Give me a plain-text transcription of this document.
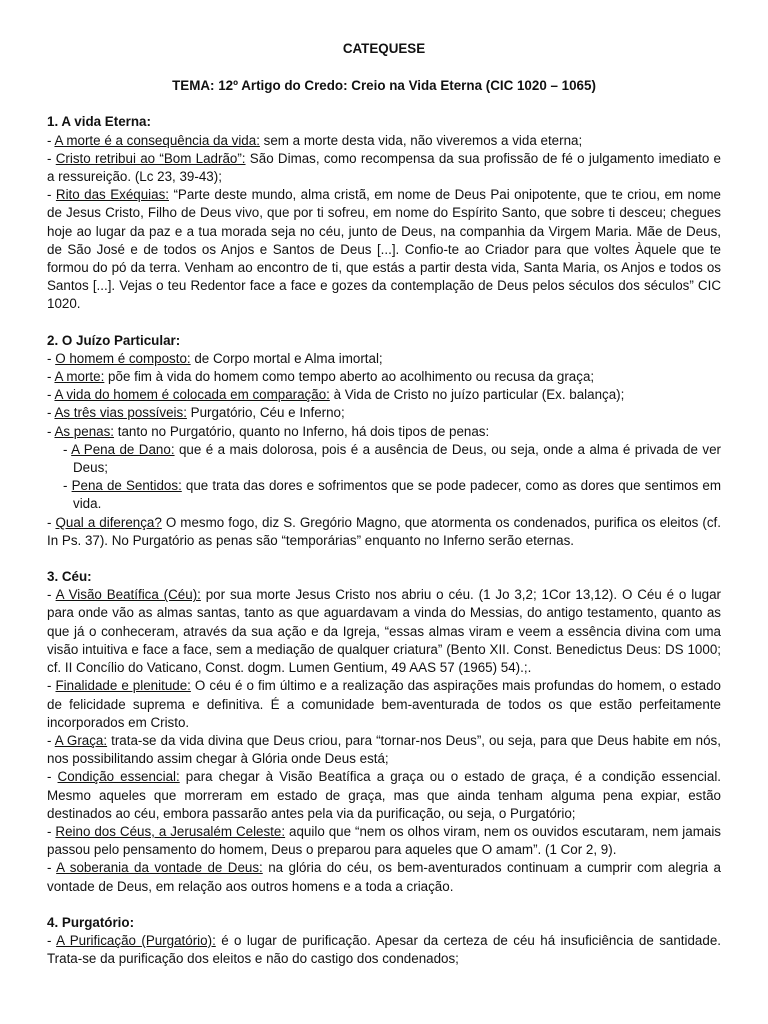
CATEQUESE

TEMA: 12º Artigo do Credo: Creio na Vida Eterna (CIC 1020 – 1065)

1. A vida Eterna:

- A morte é a consequência da vida: sem a morte desta vida, não viveremos a vida eterna;

- Cristo retribui ao “Bom Ladrão”: São Dimas, como recompensa da sua profissão de fé o julgamento imediato e a ressureição. (Lc 23, 39-43);

- Rito das Exéquias: “Parte deste mundo, alma cristã, em nome de Deus Pai onipotente, que te criou, em nome de Jesus Cristo, Filho de Deus vivo, que por ti sofreu, em nome do Espírito Santo, que sobre ti desceu; chegues hoje ao lugar da paz e a tua morada seja no céu, junto de Deus, na companhia da Virgem Maria. Mãe de Deus, de São José e de todos os Anjos e Santos de Deus [...]. Confio-te ao Criador para que voltes Àquele que te formou do pó da terra. Venham ao encontro de ti, que estás a partir desta vida, Santa Maria, os Anjos e todos os Santos [...]. Vejas o teu Redentor face a face e gozes da contemplação de Deus pelos séculos dos séculos” CIC 1020.

2. O Juízo Particular:

- O homem é composto: de Corpo mortal e Alma imortal;

- A morte: põe fim à vida do homem como tempo aberto ao acolhimento ou recusa da graça;

- A vida do homem é colocada em comparação: à Vida de Cristo no juízo particular (Ex. balança);

- As três vias possíveis: Purgatório, Céu e Inferno;

- As penas: tanto no Purgatório, quanto no Inferno, há dois tipos de penas:

- A Pena de Dano: que é a mais dolorosa, pois é a ausência de Deus, ou seja, onde a alma é privada de ver Deus;

- Pena de Sentidos: que trata das dores e sofrimentos que se pode padecer, como as dores que sentimos em vida.

- Qual a diferença? O mesmo fogo, diz S. Gregório Magno, que atormenta os condenados, purifica os eleitos (cf. In Ps. 37). No Purgatório as penas são “temporárias” enquanto no Inferno serão eternas.

3. Céu:

- A Visão Beatífica (Céu): por sua morte Jesus Cristo nos abriu o céu. (1 Jo 3,2; 1Cor 13,12). O Céu é o lugar para onde vão as almas santas, tanto as que aguardavam a vinda do Messias, do antigo testamento, quanto as que já o conheceram, através da sua ação e da Igreja, “essas almas viram e veem a essência divina com uma visão intuitiva e face a face, sem a mediação de qualquer criatura” (Bento XII. Const. Benedictus Deus: DS 1000; cf. II Concílio do Vaticano, Const. dogm. Lumen Gentium, 49 AAS 57 (1965) 54).;.

- Finalidade e plenitude: O céu é o fim último e a realização das aspirações mais profundas do homem, o estado de felicidade suprema e definitiva. É a comunidade bem-aventurada de todos os que estão perfeitamente incorporados em Cristo.

- A Graça: trata-se da vida divina que Deus criou, para “tornar-nos Deus”, ou seja, para que Deus habite em nós, nos possibilitando assim chegar à Glória onde Deus está;

- Condição essencial: para chegar à Visão Beatífica a graça ou o estado de graça, é a condição essencial. Mesmo aqueles que morreram em estado de graça, mas que ainda tenham alguma pena expiar, estão destinados ao céu, embora passarão antes pela via da purificação, ou seja, o Purgatório;

- Reino dos Céus, a Jerusalém Celeste: aquilo que “nem os olhos viram, nem os ouvidos escutaram, nem jamais passou pelo pensamento do homem, Deus o preparou para aqueles que O amam”. (1 Cor 2, 9).

- A soberania da vontade de Deus: na glória do céu, os bem-aventurados continuam a cumprir com alegria a vontade de Deus, em relação aos outros homens e a toda a criação.

4. Purgatório:

- A Purificação (Purgatório): é o lugar de purificação. Apesar da certeza de céu há insuficiência de santidade. Trata-se da purificação dos eleitos e não do castigo dos condenados;
